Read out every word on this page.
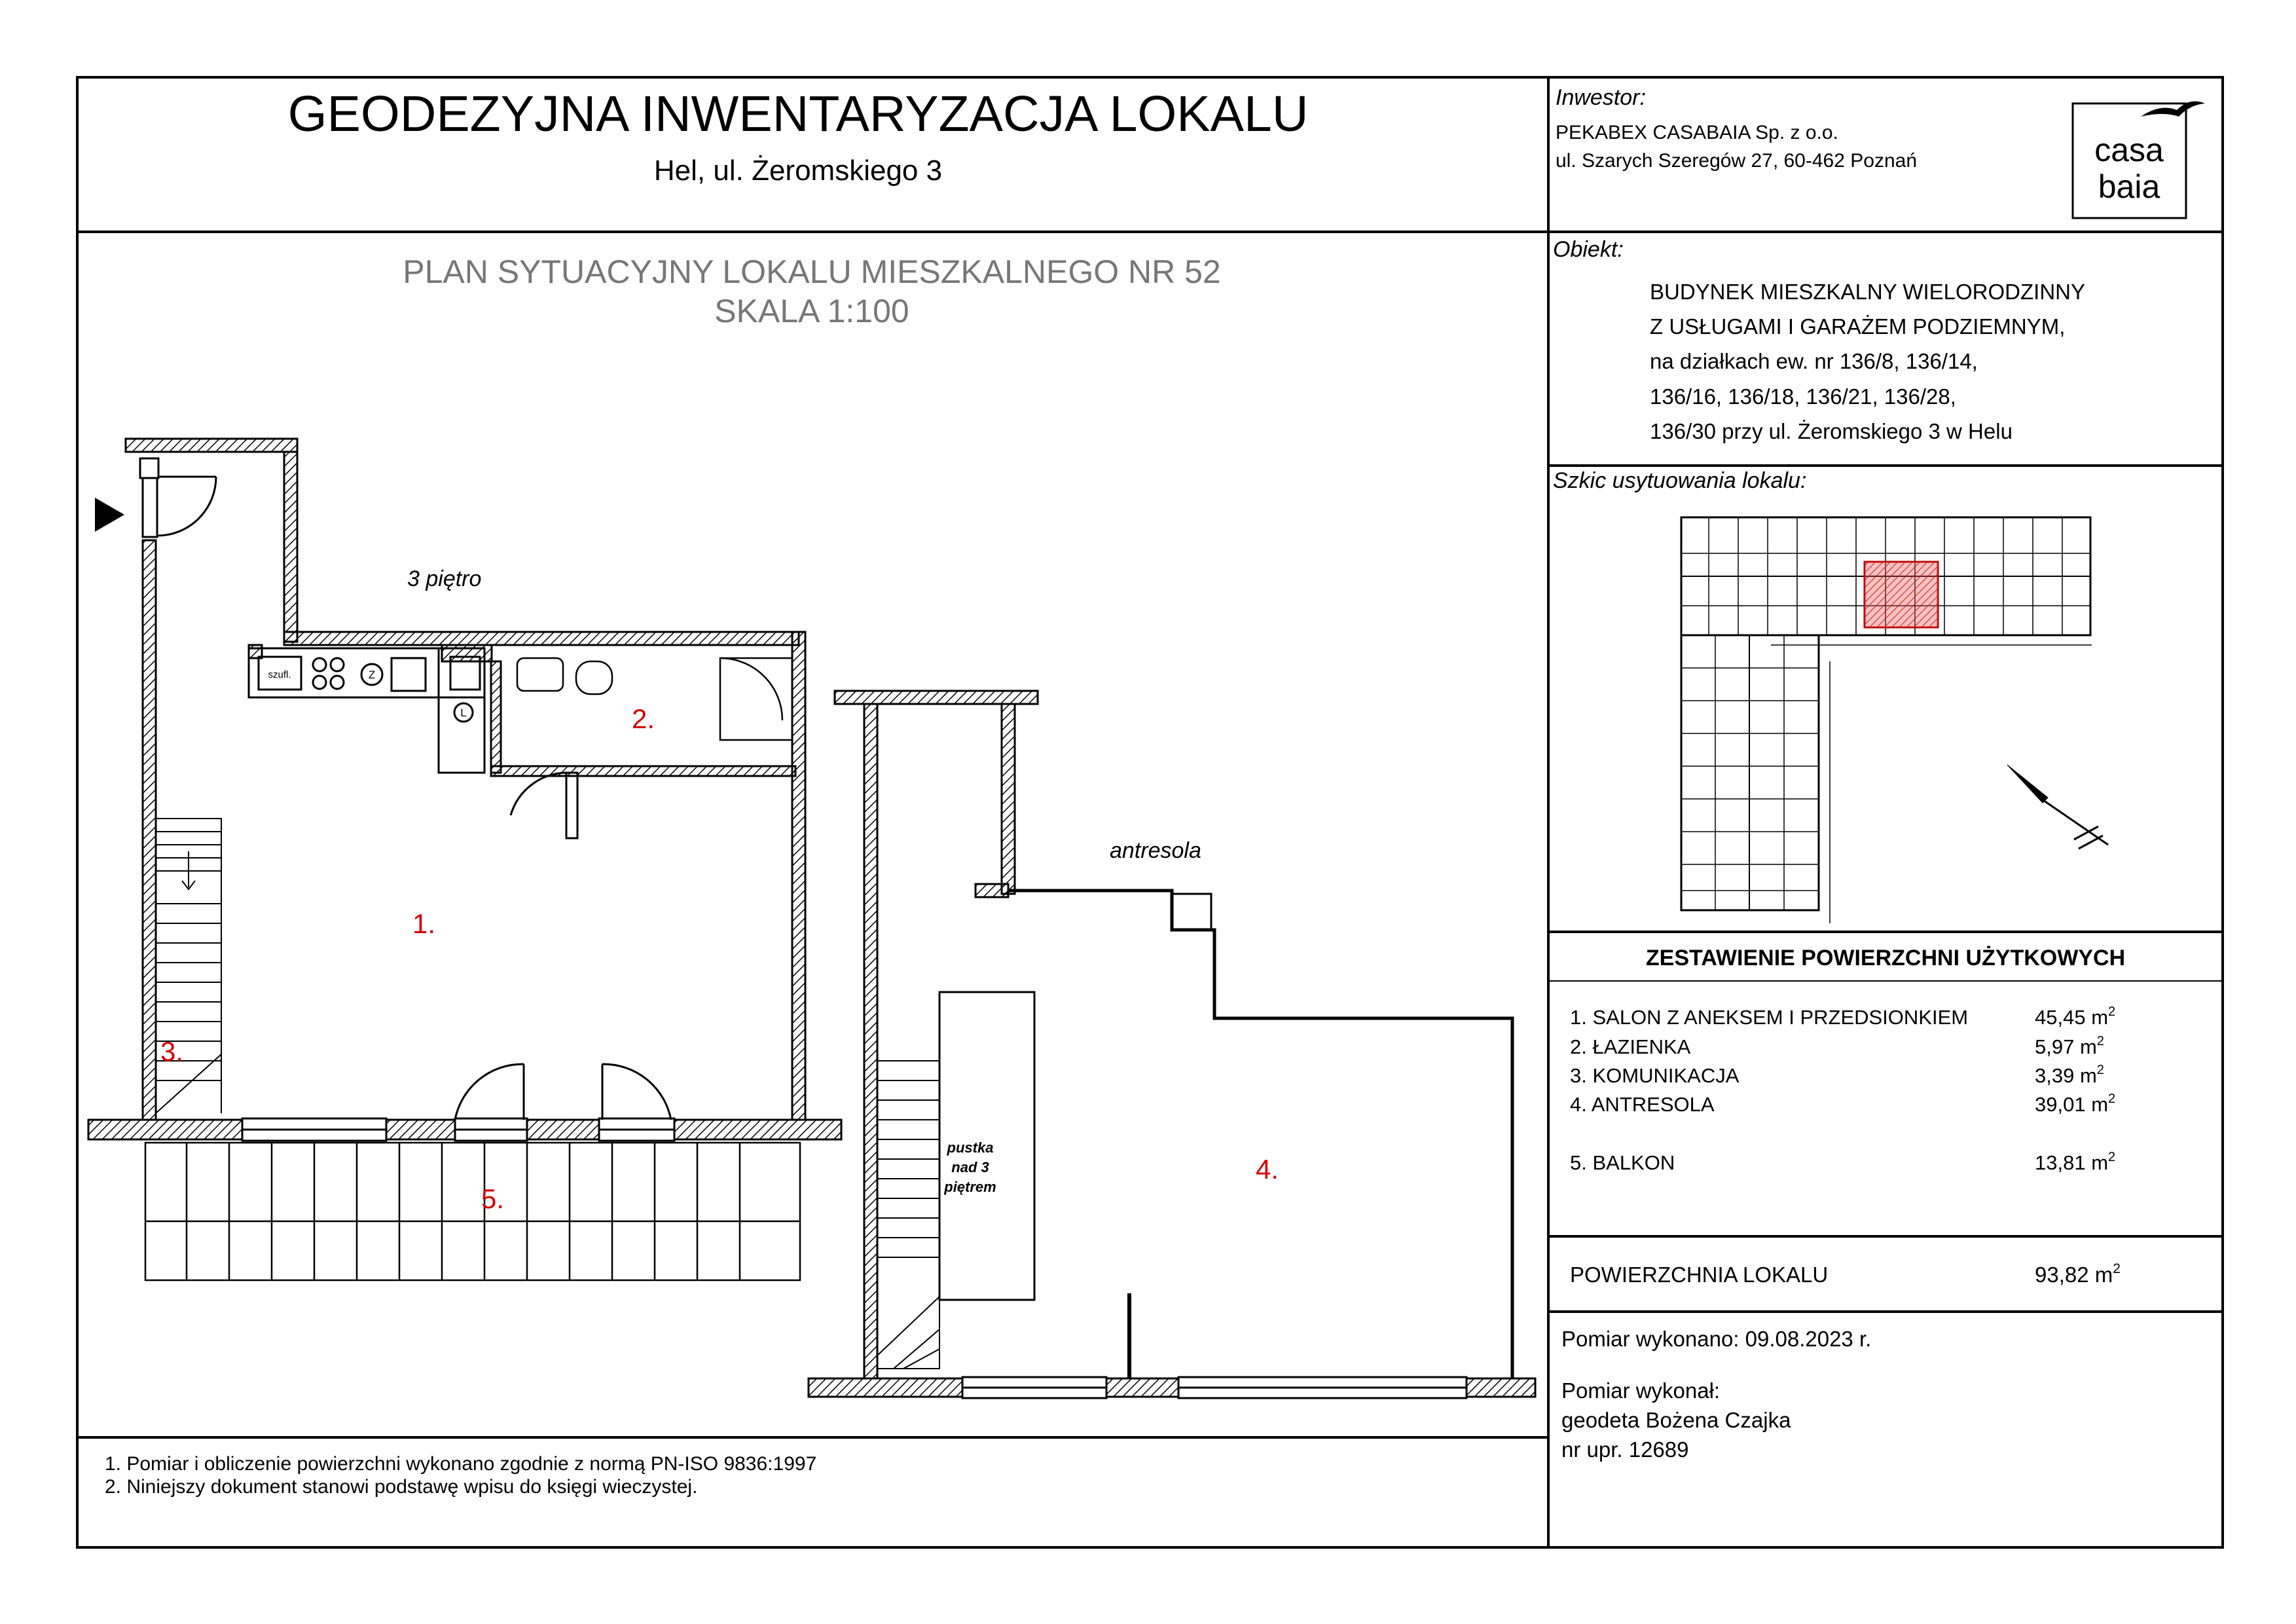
GEODEZYJNA INWENTARYZACJA LOKALU
Hel, ul. Żeromskiego 3
Inwestor:
PEKABEX CASABAIA Sp. z o.o.
ul. Szarych Szeregów 27, 60-462 Poznań	casa
baia
Obiekt:
BUDYNEK MIESZKALNY WIELORODZINNY
Z USŁUGAMI I GARAŻEM PODZIEMNYM,
na działkach ew. nr 136/8, 136/14,
136/16, 136/18, 136/21, 136/28,
136/30 przy ul. Żeromskiego 3 w Helu
Szkic usytuowania lokalu:
ZESTAWIENIE POWIERZCHNI UŻYTKOWYCH
1. SALON Z ANEKSEM I PRZEDSIONKIEM	45,45 $m^2$
2. ŁAZIENKA	5,97 $m^2$
3. KOMUNIKACJA	3,39 $m^2$
4. ANTRESOLA	39,01 $m^2$
5. BALKON	13,81 $m^2$
POWIERZCHNIA LOKALU	93,82 $m^2$
Pomiar wykonano: 09.08.2023 r.
Pomiar wykonał:
geodeta Bożena Czajka
nr upr. 12689
1. Pomiar i obliczenie powierzchni wykonano zgodnie z normą PN-ISO 9836:1997
2. Niniejszy dokument stanowi podstawę wpisu do księgi wieczystej.
PLAN SYTUACYJNY LOKALU MIESZKALNEGO NR 52
SKALA 1:100
3 piętro
szufl.	Z
L
1.
2.
3.
5.
antresola
pustka
nad 3
piętrem
4.
